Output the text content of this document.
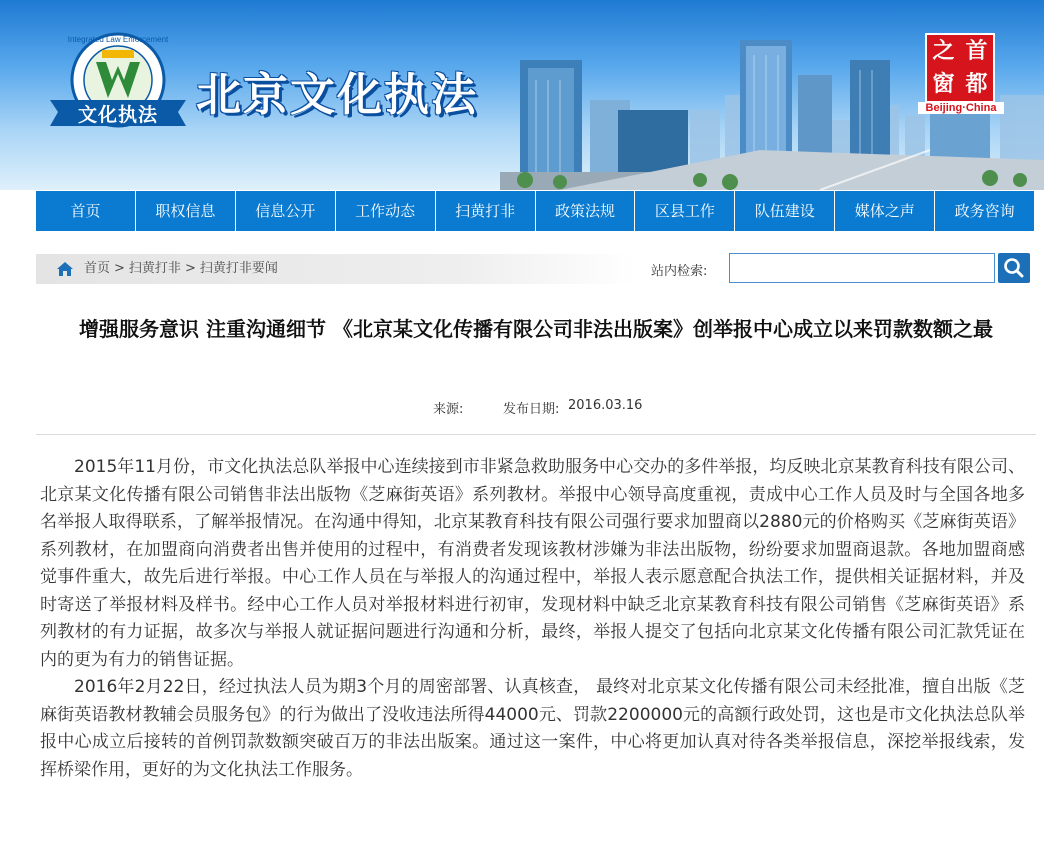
Integrated Law Enforcement
文化执法 北京文化执法
之 首
窗 都
Beijing·China
首页	职权信息	信息公开	工作动态	扫黄打非	政策法规	区县工作	队伍建设	媒体之声	政务咨询
首页 > 扫黄打非 > 扫黄打非要闻	站内检索:
增强服务意识 注重沟通细节 《北京某文化传播有限公司非法出版案》创举报中心成立以来罚款数额之最
来源:	发布日期: 2016.03.16

2015年11月份，市文化执法总队举报中心连续接到市非紧急救助服务中心交办的多件举报，均反映北京某教育科技有限公司、北京某文化传播有限公司销售非法出版物《芝麻街英语》系列教材。举报中心领导高度重视，责成中心工作人员及时与全国各地多名举报人取得联系，了解举报情况。在沟通中得知，北京某教育科技有限公司强行要求加盟商以2880元的价格购买《芝麻街英语》系列教材，在加盟商向消费者出售并使用的过程中，有消费者发现该教材涉嫌为非法出版物，纷纷要求加盟商退款。各地加盟商感觉事件重大，故先后进行举报。中心工作人员在与举报人的沟通过程中，举报人表示愿意配合执法工作，提供相关证据材料，并及时寄送了举报材料及样书。经中心工作人员对举报材料进行初审，发现材料中缺乏北京某教育科技有限公司销售《芝麻街英语》系列教材的有力证据，故多次与举报人就证据问题进行沟通和分析，最终，举报人提交了包括向北京某文化传播有限公司汇款凭证在内的更为有力的销售证据。

2016年2月22日，经过执法人员为期3个月的周密部署、认真核查， 最终对北京某文化传播有限公司未经批准，擅自出版《芝麻街英语教材教辅会员服务包》的行为做出了没收违法所得44000元、罚款2200000元的高额行政处罚，这也是市文化执法总队举报中心成立后接转的首例罚款数额突破百万的非法出版案。通过这一案件，中心将更加认真对待各类举报信息，深挖举报线索，发挥桥梁作用，更好的为文化执法工作服务。
